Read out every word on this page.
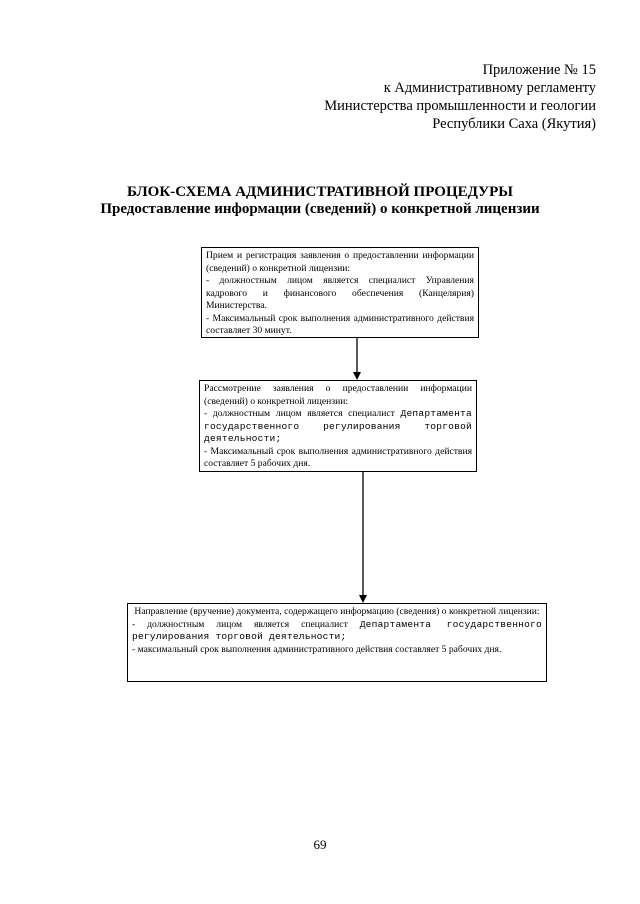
Приложение № 15
к Административному регламенту
Министерства промышленности и геологии
Республики Саха (Якутия)
БЛОК-СХЕМА АДМИНИСТРАТИВНОЙ ПРОЦЕДУРЫ
Предоставление информации (сведений) о конкретной лицензии

Прием и регистрация заявления о предоставлении информации (сведений) о конкретной лицензии:

- должностным лицом является специалист Управления кадрового и финансового обеспечения (Канцелярия) Министерства.

- Максимальный срок выполнения административного действия составляет 30 минут.

Рассмотрение заявления о предоставлении информации (сведений) о конкретной лицензии:

- должностным лицом является специалист Департамента государственного регулирования торговой деятельности;

- Максимальный срок выполнения административного действия составляет 5 рабочих дня.

Направление (вручение) документа, содержащего информацию (сведения) о конкретной лицензии:

- должностным лицом является специалист Департамента государственного регулирования торговой деятельности;

- максимальный срок выполнения административного действия составляет 5 рабочих дня.

69
